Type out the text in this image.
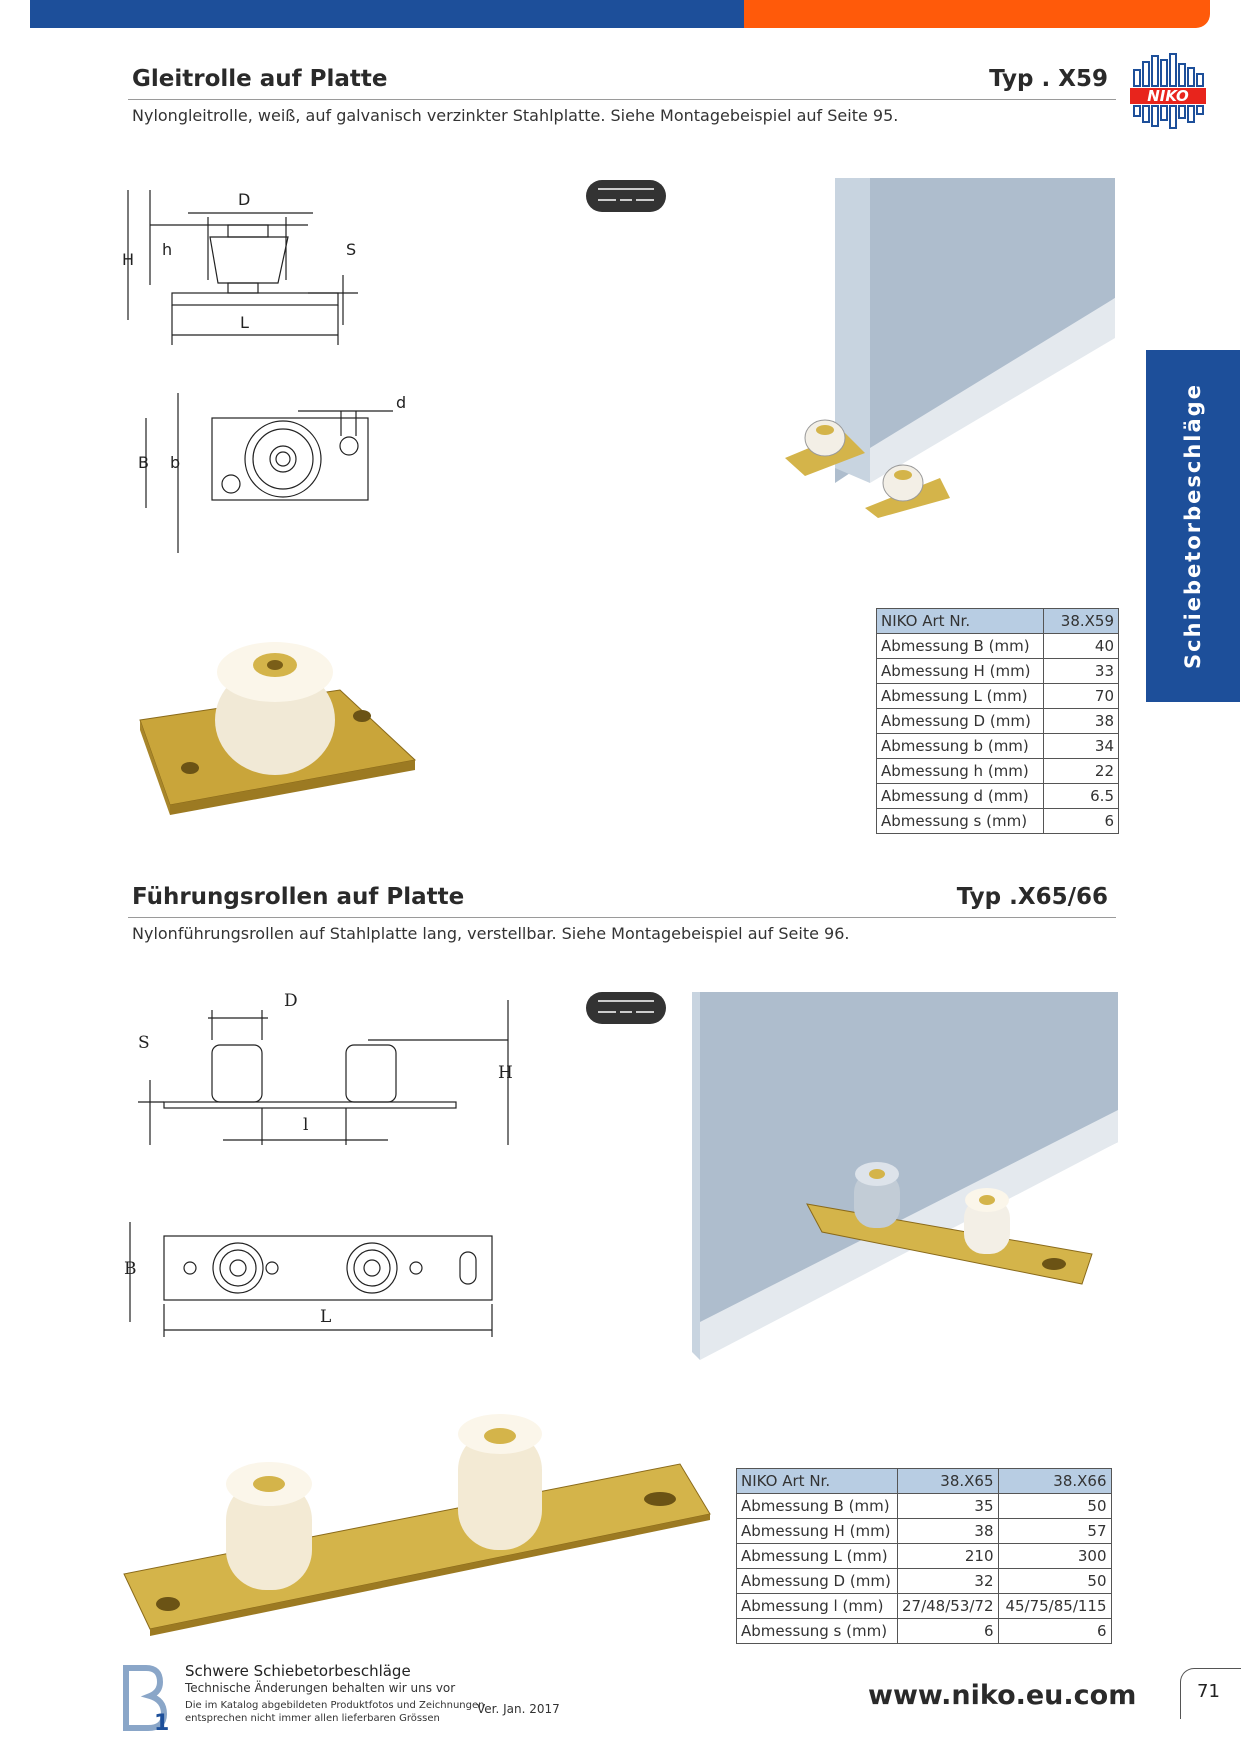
NIKO
Schiebetorbeschläge
Gleitrolle auf Platte	Typ . X59
Nylongleitrolle, weiß, auf galvanisch verzinkter Stahlplatte. Siehe Montagebeispiel auf Seite 95.
D
h
H
S
L
d
B b
NIKO Art Nr.	38.X59
Abmessung B (mm)	40
Abmessung H (mm)	33
Abmessung L (mm)	70
Abmessung D (mm)	38
Abmessung b (mm)	34
Abmessung h (mm)	22
Abmessung d (mm)	6.5
Abmessung s (mm)	6
Führungsrollen auf Platte	Typ .X65/66
Nylonführungsrollen auf Stahlplatte lang, verstellbar. Siehe Montagebeispiel auf Seite 96.
D
S
H
l
B
L
NIKO Art Nr.	38.X65	38.X66
Abmessung B (mm)	35	50
Abmessung H (mm)	38	57
Abmessung L (mm)	210	300
Abmessung D (mm)	32	50
Abmessung l (mm)	27/48/53/72	45/75/85/115
Abmessung s (mm)	6	6
1
Schwere Schiebetorbeschläge
Technische Änderungen behalten wir uns vor
Die im Katalog abgebildeten Produktfotos und Zeichnungen
entsprechen nicht immer allen lieferbaren Grössen
Ver. Jan. 2017	www.niko.eu.com	71
